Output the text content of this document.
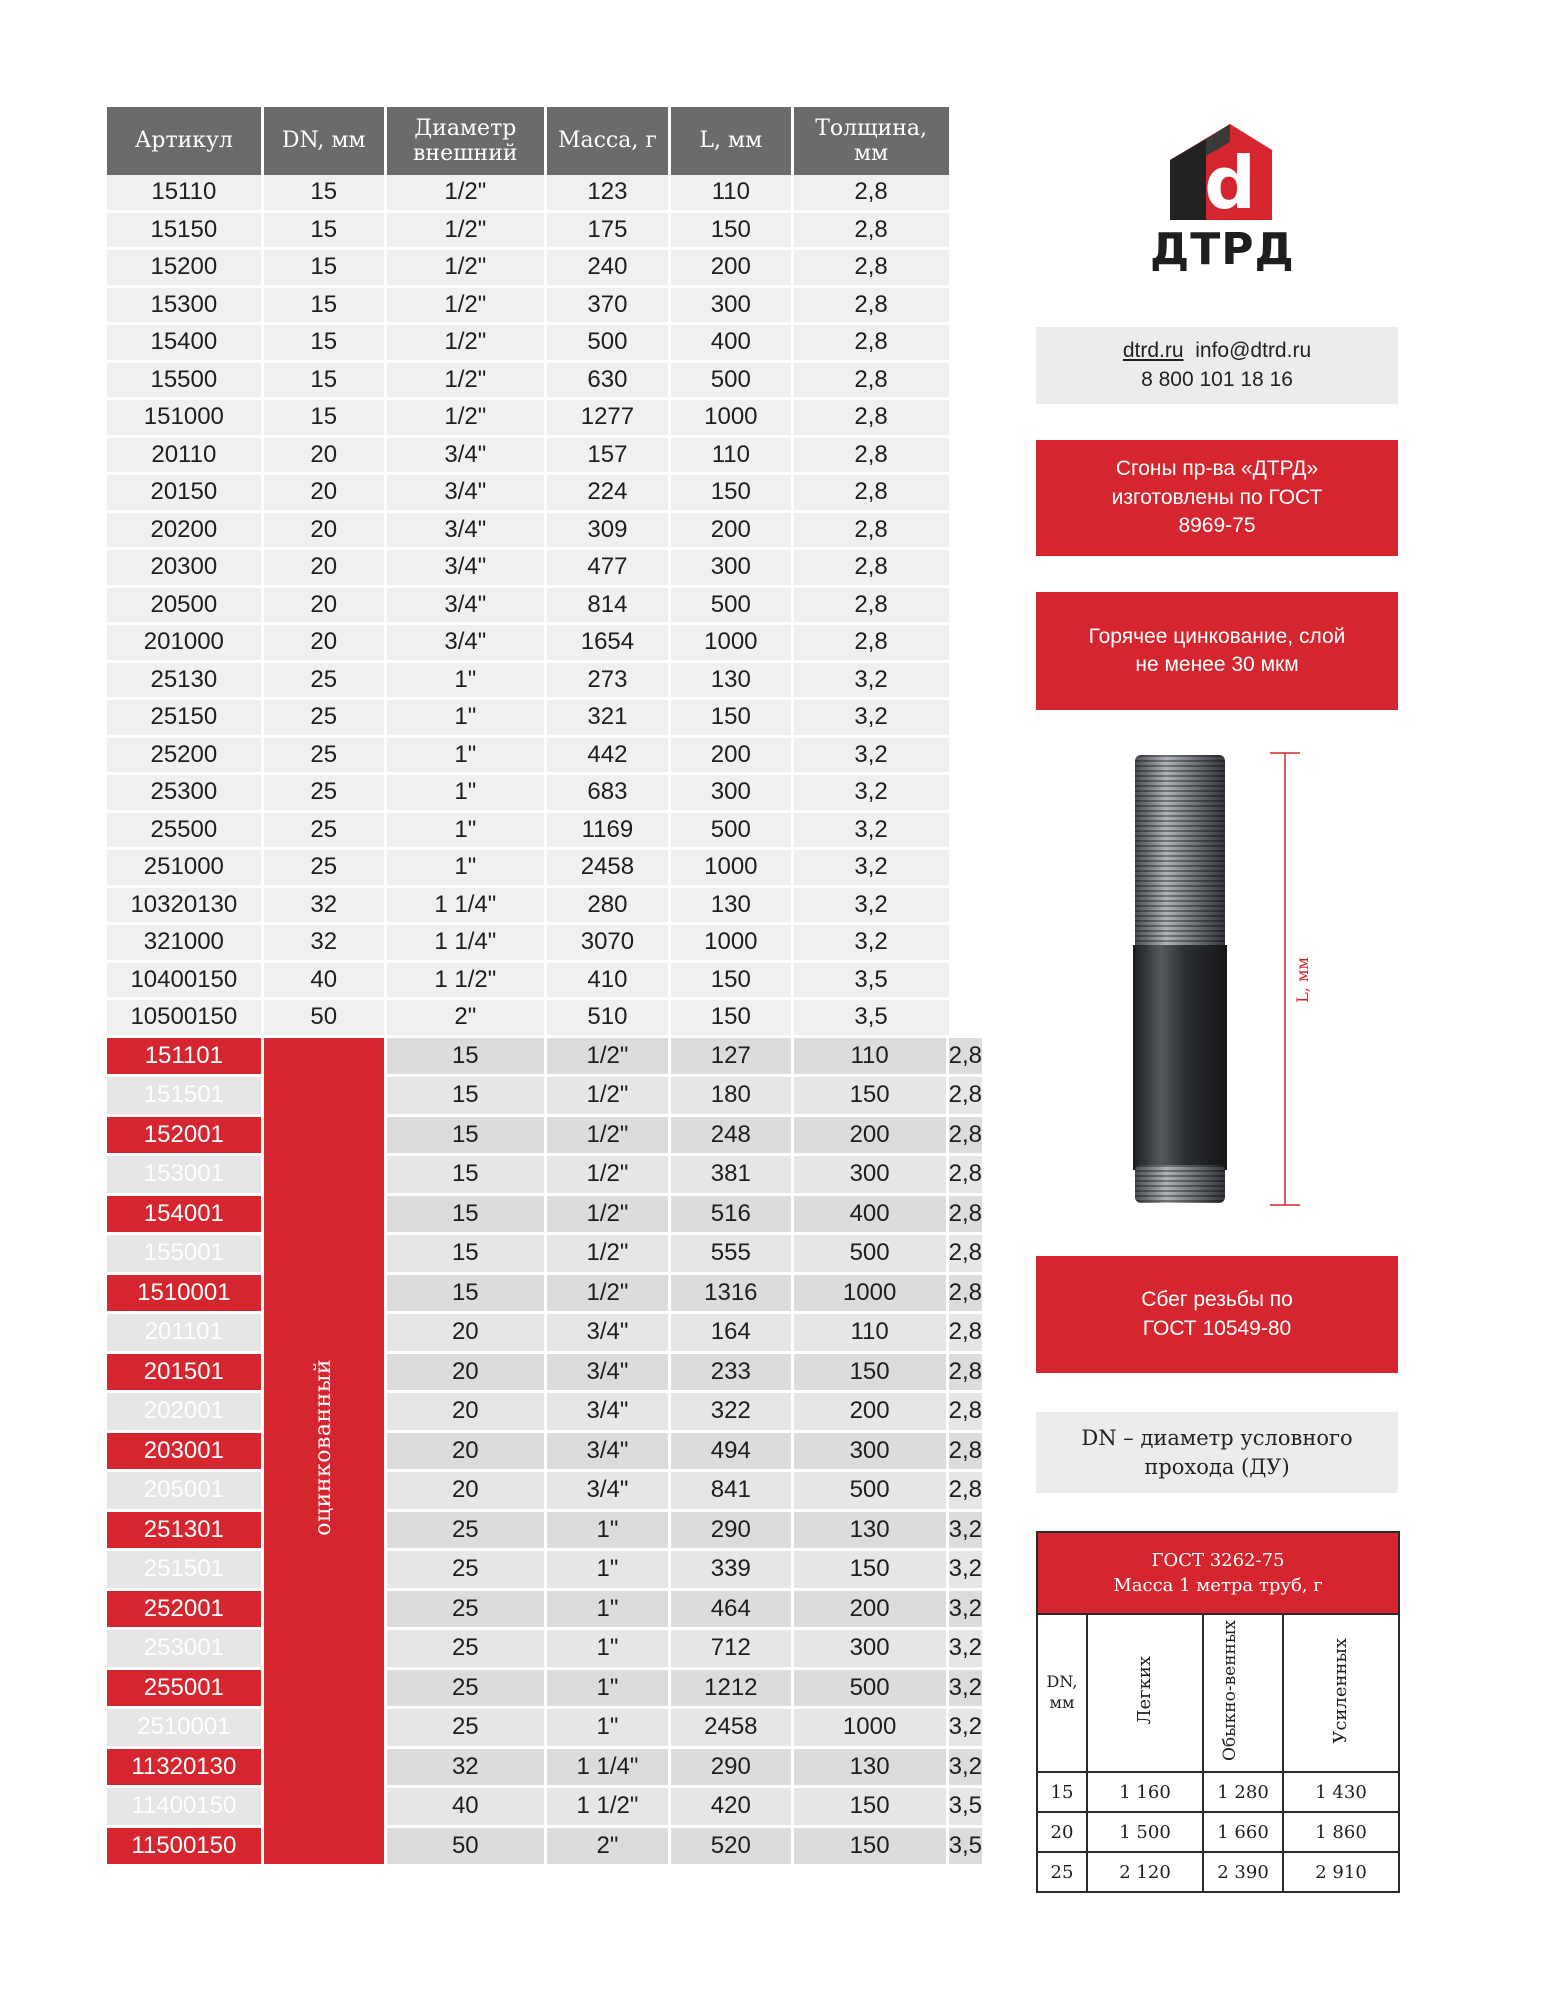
Артикул	DN, мм	Диаметр внешний	Масса, г	L, мм	Толщина, мм	
15110	15	1/2"	123	110	2,8	
15150	15	1/2"	175	150	2,8	
15200	15	1/2"	240	200	2,8	
15300	15	1/2"	370	300	2,8	
15400	15	1/2"	500	400	2,8	
15500	15	1/2"	630	500	2,8	
151000	15	1/2"	1277	1000	2,8	
20110	20	3/4"	157	110	2,8	
20150	20	3/4"	224	150	2,8	
20200	20	3/4"	309	200	2,8	
20300	20	3/4"	477	300	2,8	
20500	20	3/4"	814	500	2,8	
201000	20	3/4"	1654	1000	2,8	
25130	25	1"	273	130	3,2	
25150	25	1"	321	150	3,2	
25200	25	1"	442	200	3,2	
25300	25	1"	683	300	3,2	
25500	25	1"	1169	500	3,2	
251000	25	1"	2458	1000	3,2	
10320130	32	1 1/4"	280	130	3,2	
321000	32	1 1/4"	3070	1000	3,2	
10400150	40	1 1/2"	410	150	3,5	
10500150	50	2"	510	150	3,5	
151101	оцинкованный	15	1/2"	127	110	2,8
151501		15	1/2"	180	150	2,8
152001		15	1/2"	248	200	2,8
153001		15	1/2"	381	300	2,8
154001		15	1/2"	516	400	2,8
155001		15	1/2"	555	500	2,8
1510001		15	1/2"	1316	1000	2,8
201101		20	3/4"	164	110	2,8
201501		20	3/4"	233	150	2,8
202001		20	3/4"	322	200	2,8
203001		20	3/4"	494	300	2,8
205001		20	3/4"	841	500	2,8
251301		25	1"	290	130	3,2
251501		25	1"	339	150	3,2
252001		25	1"	464	200	3,2
253001		25	1"	712	300	3,2
255001		25	1"	1212	500	3,2
2510001		25	1"	2458	1000	3,2
11320130		32	1 1/4"	290	130	3,2
11400150		40	1 1/2"	420	150	3,5
11500150		50	2"	520	150	3,5
d
ДТРД
dtrd.ru info@dtrd.ru
8 800 101 18 16
Сгоны пр-ва «ДТРД» изготовлены по ГОСТ 8969-75
Горячее цинкование, слой не менее 30 мкм
L, мм
Сбег резьбы по ГОСТ 10549-80
DN – диаметр условного прохода (ДУ)
ГОСТ 3262-75
Масса 1 метра труб, г			

DN, мм	Легких	Обыкно-венных	Усиленных
15	1 160	1 280	1 430
20	1 500	1 660	1 860
25	2 120	2 390	2 910
